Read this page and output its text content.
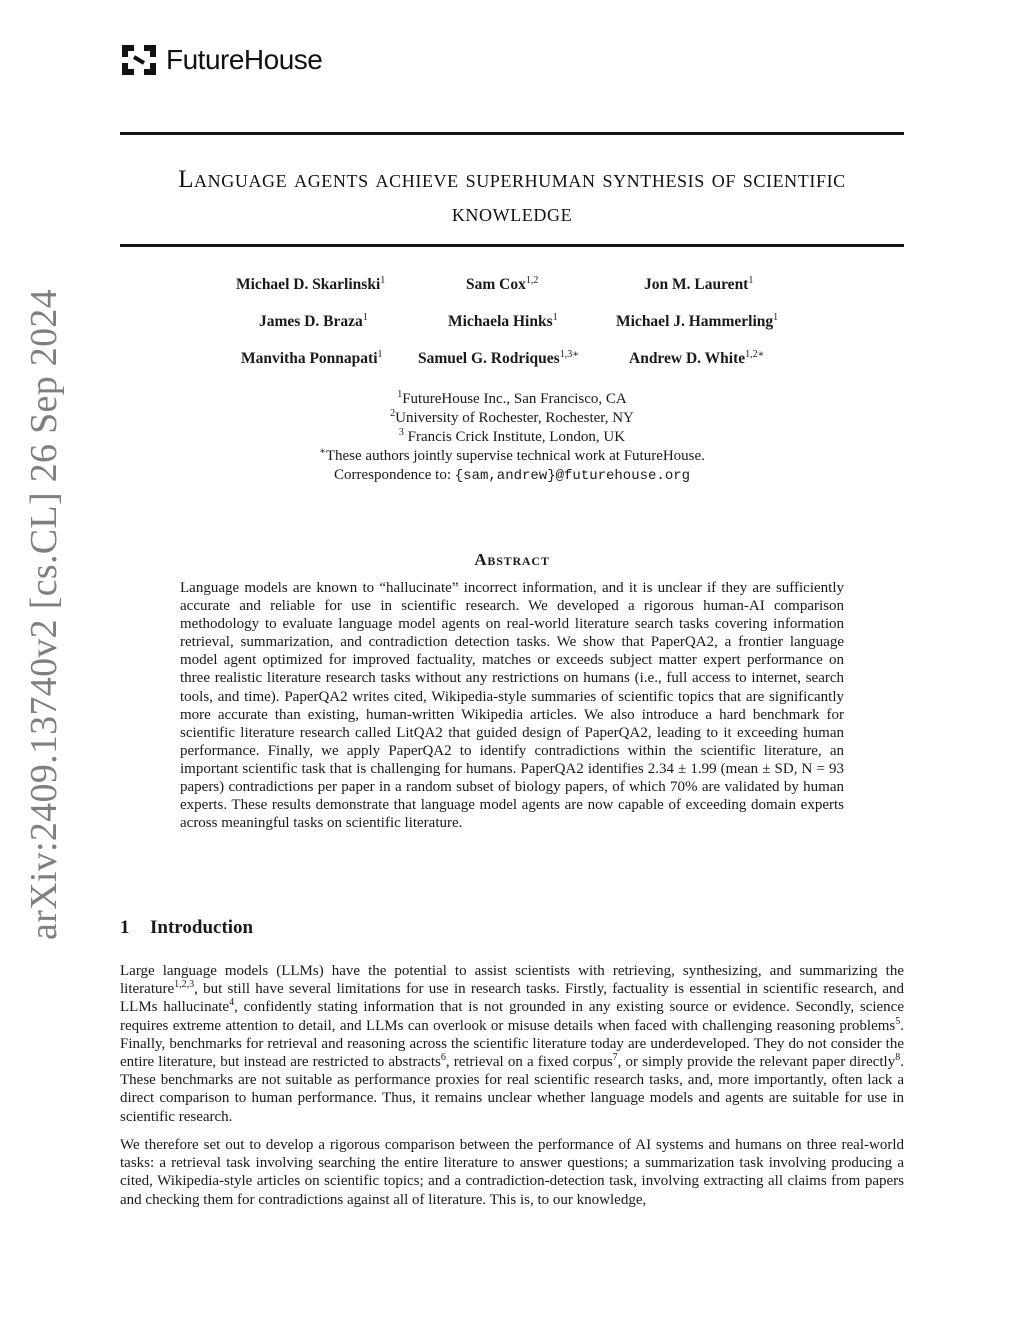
FutureHouse
arXiv:2409.13740v2 [cs.CL] 26 Sep 2024
Language agents achieve superhuman synthesis of scientific knowledge
Michael D. Skarlinski$^1$	Sam Cox$^{1,2}$	Jon M. Laurent$^1$
James D. Braza$^1$	Michaela Hinks$^1$	Michael J. Hammerling$^1$
Manvitha Ponnapati$^1$ Samuel G. Rodriques$^{1,3∗}$	Andrew D. White$^{1,2∗}$
$^1$FutureHouse Inc., San Francisco, CA
$^2$University of Rochester, Rochester, NY
$^3$ Francis Crick Institute, London, UK
∗These authors jointly supervise technical work at FutureHouse.
Correspondence to: {sam,andrew}@futurehouse.org
Abstract
Language models are known to “hallucinate” incorrect information, and it is unclear if they are sufficiently accurate and reliable for use in scientific research. We developed a rigorous human-AI comparison methodology to evaluate language model agents on real-world literature search tasks covering information retrieval, summarization, and contradiction detection tasks. We show that PaperQA2, a frontier language model agent optimized for improved factuality, matches or exceeds subject matter expert performance on three realistic literature research tasks without any restrictions on humans (i.e., full access to internet, search tools, and time). PaperQA2 writes cited, Wikipedia-style summaries of scientific topics that are significantly more accurate than existing, human-written Wikipedia articles. We also introduce a hard benchmark for scientific literature research called LitQA2 that guided design of PaperQA2, leading to it exceeding human performance. Finally, we apply PaperQA2 to identify contradictions within the scientific literature, an important scientific task that is challenging for humans. PaperQA2 identifies 2.34 ± 1.99 (mean ± SD, N = 93 papers) contradictions per paper in a random subset of biology papers, of which 70% are validated by human experts. These results demonstrate that language model agents are now capable of exceeding domain experts across meaningful tasks on scientific literature.
1 Introduction
Large language models (LLMs) have the potential to assist scientists with retrieving, synthesizing, and summarizing the literature$^{1,2,3}$, but still have several limitations for use in research tasks. Firstly, factuality is essential in scientific research, and LLMs hallucinate$^4$, confidently stating information that is not grounded in any existing source or evidence. Secondly, science requires extreme attention to detail, and LLMs can overlook or misuse details when faced with challenging reasoning problems$^5$. Finally, benchmarks for retrieval and reasoning across the scientific literature today are underdeveloped. They do not consider the entire literature, but instead are restricted to abstracts$^6$, retrieval on a fixed corpus$^7$, or simply provide the relevant paper directly$^8$. These benchmarks are not suitable as performance proxies for real scientific research tasks, and, more importantly, often lack a direct comparison to human performance. Thus, it remains unclear whether language models and agents are suitable for use in scientific research.
We therefore set out to develop a rigorous comparison between the performance of AI systems and humans on three real-world tasks: a retrieval task involving searching the entire literature to answer questions; a summarization task involving producing a cited, Wikipedia-style articles on scientific topics; and a contradiction-detection task, involving extracting all claims from papers and checking them for contradictions against all of literature. This is, to our knowledge,
